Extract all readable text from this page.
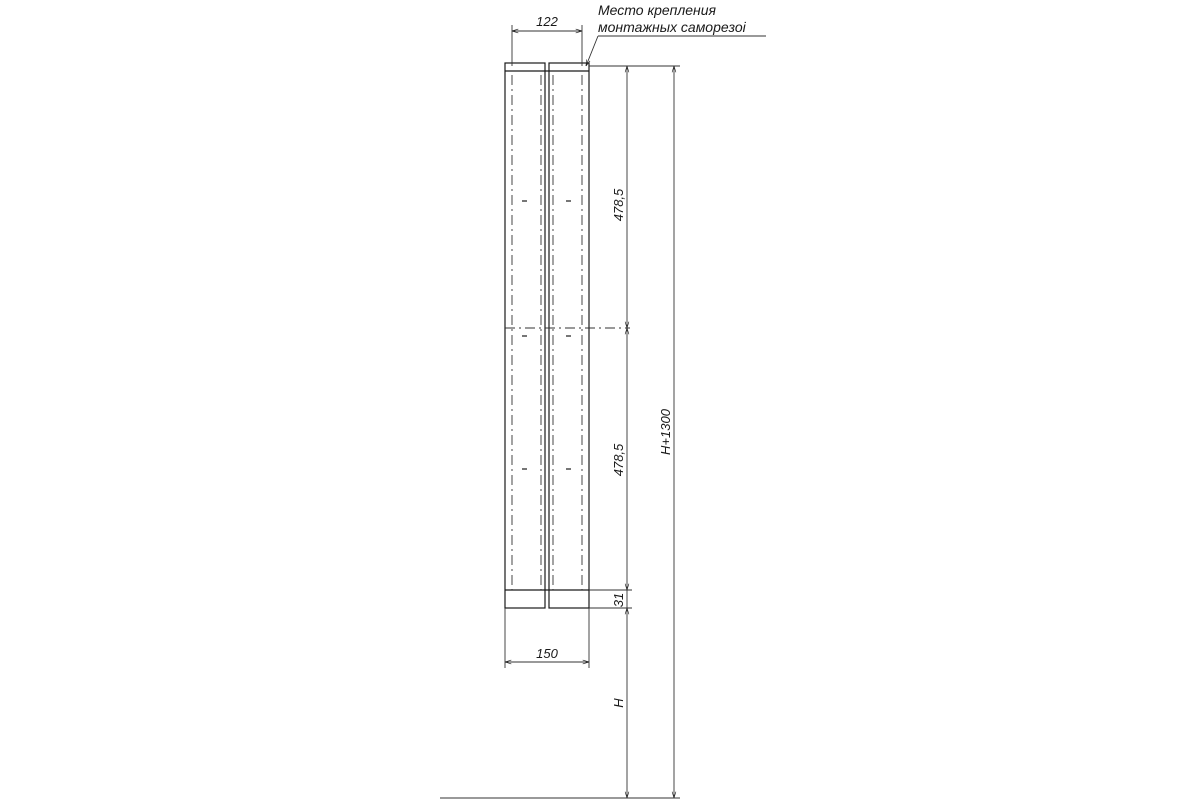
122
Место крепления
монтажных саморезоі
478,5
478,5
31
H
H+1300
150
